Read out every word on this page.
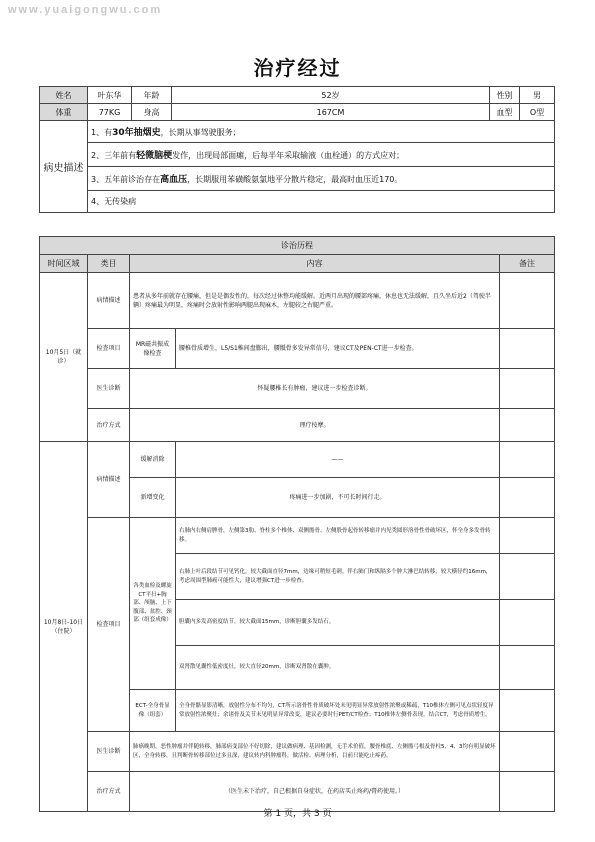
www.yuaigongwu.com
治疗经过
姓名	叶东华	年龄	52岁	性别	男
体重	77KG	身高	167CM	血型	O型
病史描述	1、有30年抽烟史，长期从事驾驶服务；				
	2、三年前有轻微脑梗发作，出现局部面瘫，后每半年采取输液（血栓通）的方式应对；				
	3、五年前诊治存在高血压，长期服用苯磺酸氨氯地平分散片稳定，最高时血压近170。				
	4、无传染病				
诊治历程				
时间区域	类目	内容		备注
10月5日（就诊）	病情描述	患者从多年前就存在腰痛，但是是偶发性的，每次经过休整均能缓解。近两月出现的腰部疼痛，休息也无法缓解，且久坐后近2（驾驶半辆）疼痛最为明显，疼痛时会放射性影响两腿出现麻木，左腿较之右腿严重。		
	检查项目	MR磁共振成像检查	腰椎骨质增生，L5/S1椎间盘膨出，腰骶骨多发异常信号，建议CT及PEN-CT进一步检查。	
	医生诊断	怀疑腰椎长有肿瘤，建议进一步检查诊断。		
	治疗方式	理疗按摩。		
10月8日-10日（住院）	病情描述	缓解消除	——	
		新增变化	疼痛进一步加剧，不可长时间行走。	
	检查项目	各类血检及螺旋CT平扫+胸部、颅脑、上下腹部、盆腔、颈部（组套成像）	右肺内右侧肩脾骨，左侧第3肋、脊柱多个椎体、双侧髂骨、左侧股骨起骨转移瘤并内见类圆形溶骨性骨破坏区，怀全身多发骨转移。	
			右肺上叶后段结节可见钙化，较大截面直径7mm，边缘可稍短毛刺。伴右肺门和纵隔多个肿大淋巴结转移，较大横径约16mm，考虑周围型肺癌可能性大，建议增强CT进一步检查。	
			胆囊内多发高密度结节，较大截面15mm，诊断胆囊多发结石。	
			双肾散见囊性低密度灶，较大直径20mm，诊断双肾散在囊肿。	
		ECT-全身骨显像（组套）	全身骨骼显影清晰，放射性分布不均匀，CT所示溶骨性骨质破坏处未见明显异常放射性浓聚或稀疏，T10椎体左侧可见点状轻度异常放射性浓聚灶；余诸骨及关节未见明显异常改变，建议必要时行PET/CT检查；T10椎体左侧骨表现，结合CT，考虑骨质增生。	
	医生诊断	肺癌晚期，恶性肿瘤并伴随转移，肺部病变部位不好切除，建议做病理、基因检测，无手术价值，腰骨椎底、左侧髂弓根及骨柱5、4、3均有明显破坏区，全身转移，且判断骨转移部位过多且深，建议转内科肿瘤科，做活检、病理分析，目前只能吃止疼药。		
	治疗方式	（医生未下治疗，自己根据自身症状，在药店买止疼药/膏药使用。）		
第 1 页，共 3 页
